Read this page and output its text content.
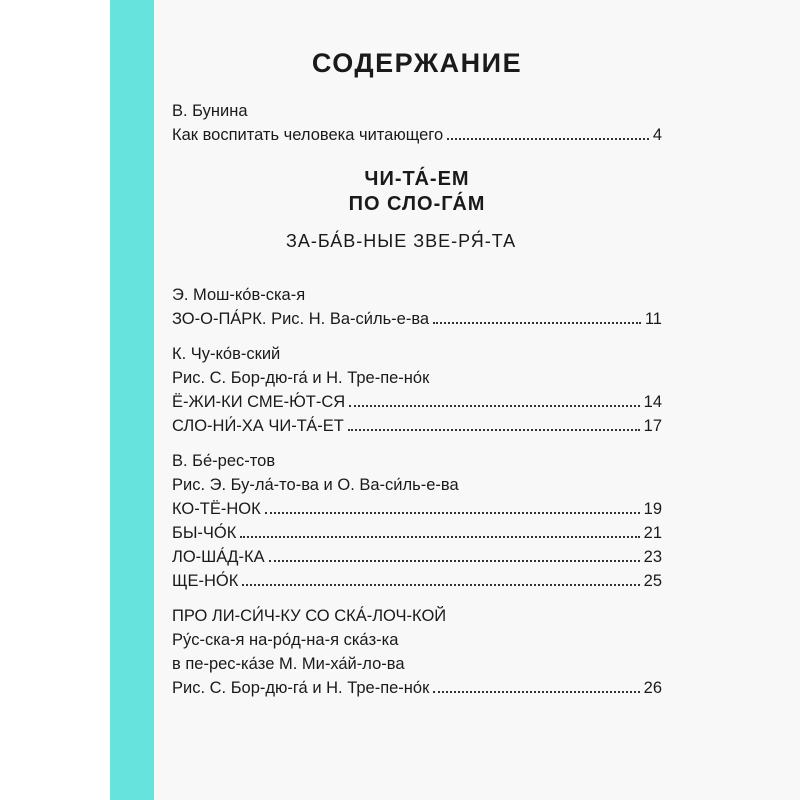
СОДЕРЖАНИЕ
В. Бунина
Как воспитать человека читающего	4
ЧИ-ТА́-ЕМ
ПО СЛО-ГА́М
ЗА-БА́В-НЫЕ ЗВЕ-РЯ́-ТА
Э. Мош-ко́в-ска-я
ЗО-О-ПА́РК. Рис. Н. Ва-си́ль-е-ва	11
К. Чу-ко́в-ский
Рис. С. Бор-дю-га́ и Н. Тре-пе-но́к
Ё-ЖИ-КИ СМЕ-Ю́Т-СЯ	14
СЛО-НИ́-ХА ЧИ-ТА́-ЕТ	17
В. Бе́-рес-тов
Рис. Э. Бу-ла́-то-ва и О. Ва-си́ль-е-ва
КО-ТЁ-НОК	19
БЫ-ЧО́К	21
ЛО-ША́Д-КА	23
ЩЕ-НО́К	25
ПРО ЛИ-СИ́Ч-КУ СО СКА́-ЛОЧ-КОЙ
Ру́с-ска-я на-ро́д-на-я ска́з-ка
в пе-рес-ка́зе М. Ми-ха́й-ло-ва
Рис. С. Бор-дю-га́ и Н. Тре-пе-но́к	26
